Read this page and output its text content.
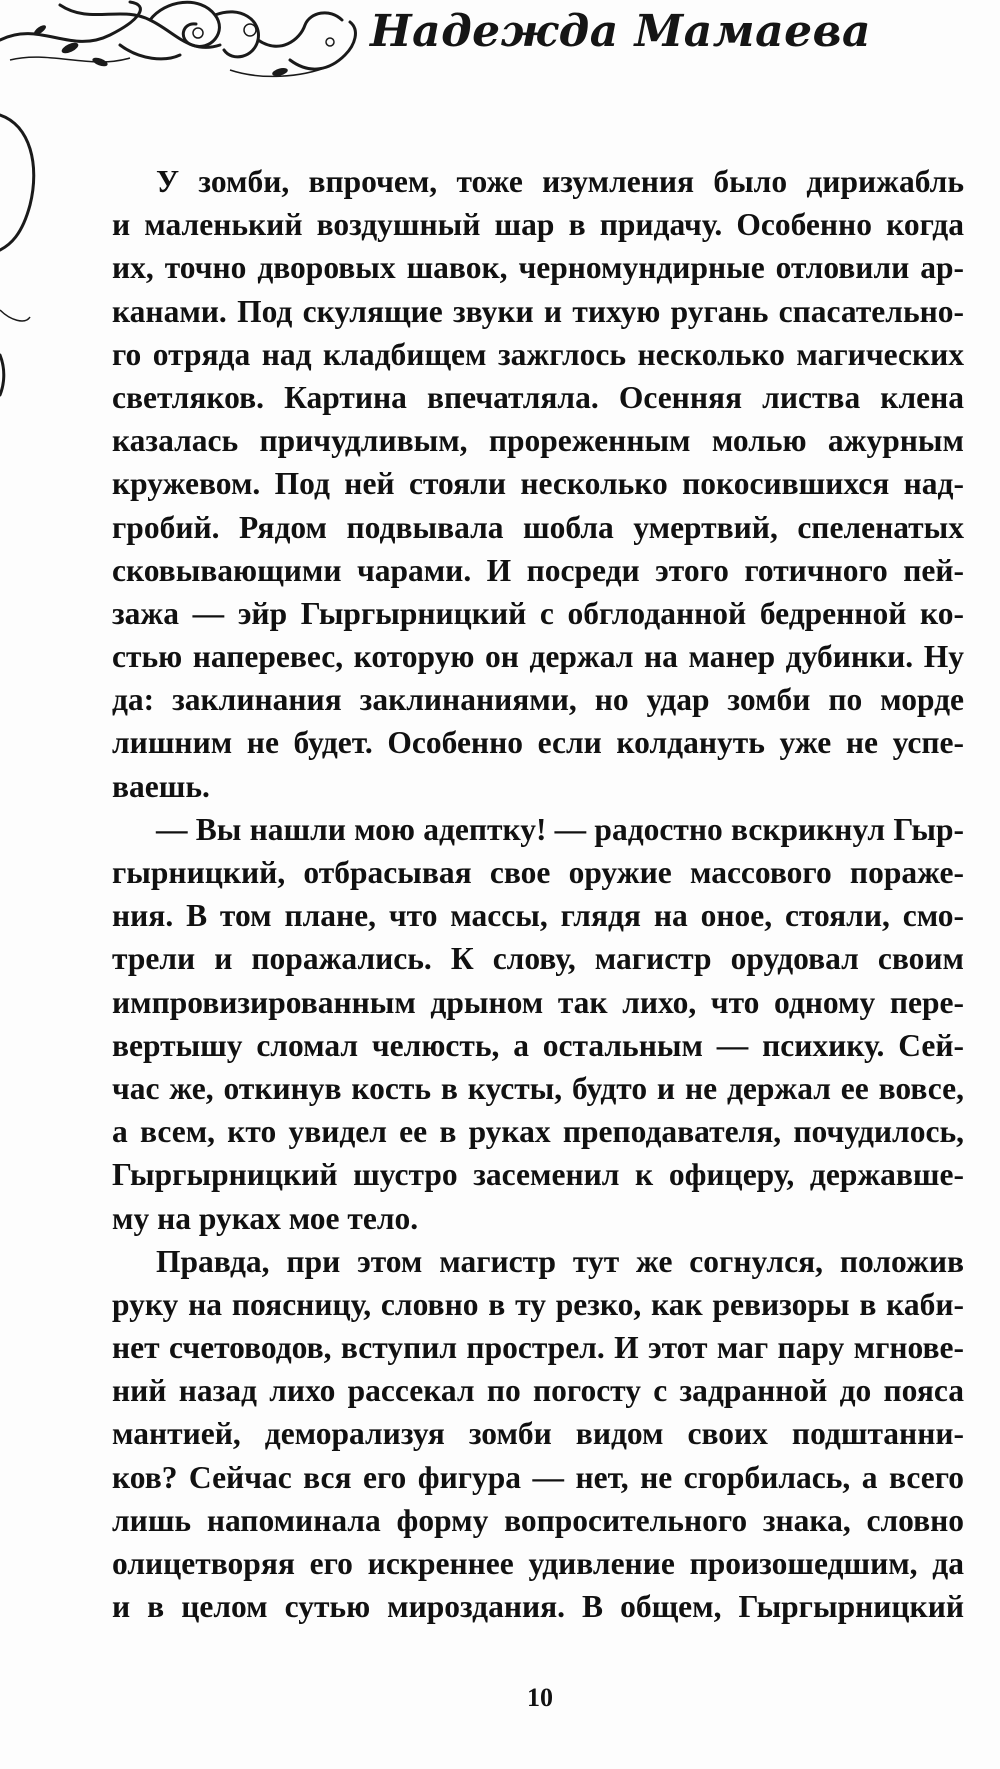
Надежда Мамаева
У зомби, впрочем, тоже изумления было дирижабль
и маленький воздушный шар в придачу. Особенно когда
их, точно дворовых шавок, черномундирные отловили ар-
канами. Под скулящие звуки и тихую ругань спасательно-
го отряда над кладбищем зажглось несколько магических
светляков. Картина впечатляла. Осенняя листва клена
казалась причудливым, прореженным молью ажурным
кружевом. Под ней стояли несколько покосившихся над-
гробий. Рядом подвывала шобла умертвий, спеленатых
сковывающими чарами. И посреди этого готичного пей-
зажа — эйр Гыргырницкий с обглоданной бедренной ко-
стью наперевес, которую он держал на манер дубинки. Ну
да: заклинания заклинаниями, но удар зомби по морде
лишним не будет. Особенно если колдануть уже не успе-
ваешь.
— Вы нашли мою адептку! — радостно вскрикнул Гыр-
гырницкий, отбрасывая свое оружие массового пораже-
ния. В том плане, что массы, глядя на оное, стояли, смо-
трели и поражались. К слову, магистр орудовал своим
импровизированным дрыном так лихо, что одному пере-
вертышу сломал челюсть, а остальным — психику. Сей-
час же, откинув кость в кусты, будто и не держал ее вовсе,
а всем, кто увидел ее в руках преподавателя, почудилось,
Гыргырницкий шустро засеменил к офицеру, державше-
му на руках мое тело.
Правда, при этом магистр тут же согнулся, положив
руку на поясницу, словно в ту резко, как ревизоры в каби-
нет счетоводов, вступил прострел. И этот маг пару мгнове-
ний назад лихо рассекал по погосту с задранной до пояса
мантией, деморализуя зомби видом своих подштанни-
ков? Сейчас вся его фигура — нет, не сгорбилась, а всего
лишь напоминала форму вопросительного знака, словно
олицетворяя его искреннее удивление произошедшим, да
и в целом сутью мироздания. В общем, Гыргырницкий
10
